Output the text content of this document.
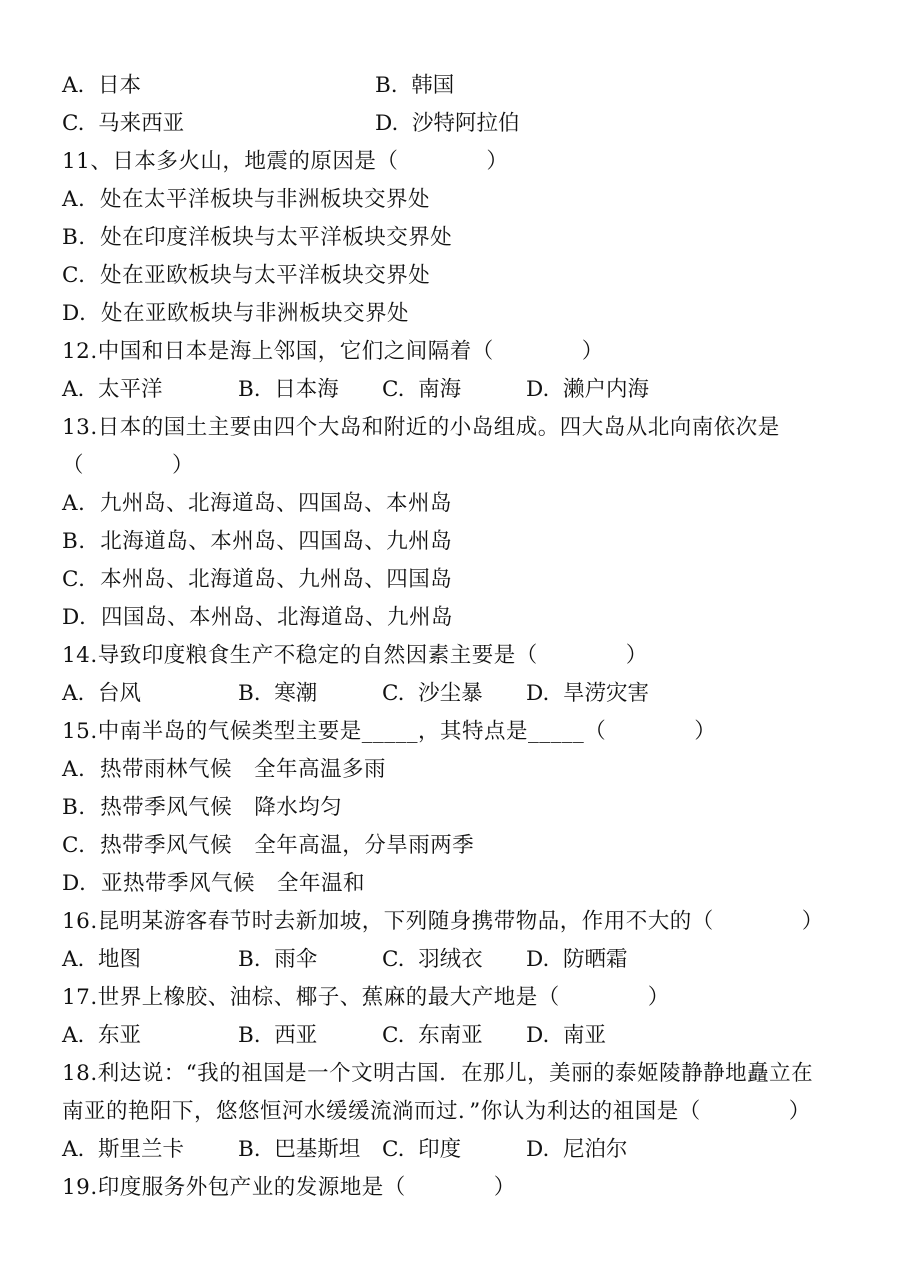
A.  日本	B.  韩国
C.  马来西亚	D.  沙特阿拉伯
11、日本多火山，地震的原因是（　　　　）
A.  处在太平洋板块与非洲板块交界处
B.  处在印度洋板块与太平洋板块交界处
C.  处在亚欧板块与太平洋板块交界处
D.  处在亚欧板块与非洲板块交界处
12.中国和日本是海上邻国，它们之间隔着（　　　　）
A.  太平洋	B.  日本海 C.  南海	D.  濑户内海
13.日本的国土主要由四个大岛和附近的小岛组成。四大岛从北向南依次是
（　　　　）
A.  九州岛、北海道岛、四国岛、本州岛
B.  北海道岛、本州岛、四国岛、九州岛
C.  本州岛、北海道岛、九州岛、四国岛
D.  四国岛、本州岛、北海道岛、九州岛
14.导致印度粮食生产不稳定的自然因素主要是（　　　　）
A.  台风	B.  寒潮	C.  沙尘暴 D.  旱涝灾害
15.中南半岛的气候类型主要是_____，其特点是_____（　　　　）
A.  热带雨林气候　全年高温多雨
B.  热带季风气候　降水均匀
C.  热带季风气候　全年高温，分旱雨两季
D.  亚热带季风气候　全年温和
16.昆明某游客春节时去新加坡，下列随身携带物品，作用不大的（　　　　）
A.  地图	B.  雨伞	C.  羽绒衣 D.  防晒霜
17.世界上橡胶、油棕、椰子、蕉麻的最大产地是（　　　　）
A.  东亚	B.  西亚	C.  东南亚 D.  南亚
18.利达说：“我的祖国是一个文明古国．在那儿，美丽的泰姬陵静静地矗立在
南亚的艳阳下，悠悠恒河水缓缓流淌而过．”你认为利达的祖国是（　　　　）
A.  斯里兰卡	B.  巴基斯坦 C.  印度	D.  尼泊尔
19.印度服务外包产业的发源地是（　　　　）
